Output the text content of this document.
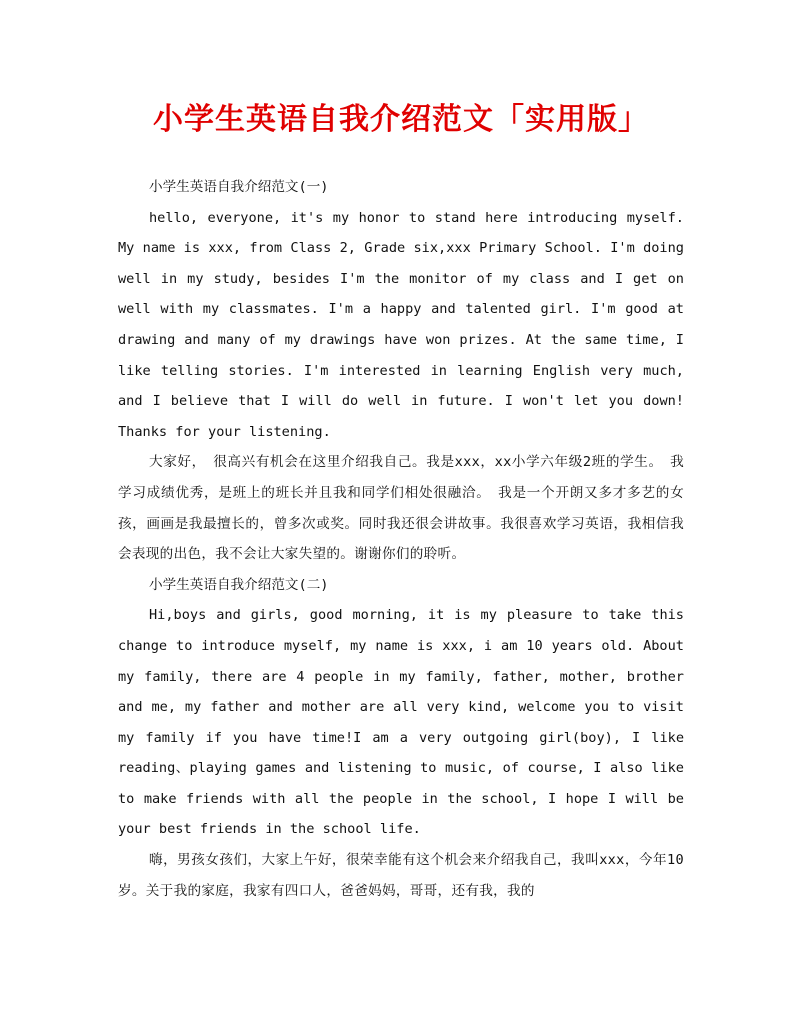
小学生英语自我介绍范文「实用版」

小学生英语自我介绍范文(一)

hello, everyone, it's my honor to stand here introducing myself. My name is xxx, from Class 2, Grade six,xxx Primary School. I'm doing well in my study, besides I'm the monitor of my class and I get on well with my classmates. I'm a happy and talented girl. I'm good at drawing and many of my drawings have won prizes. At the same time, I like telling stories. I'm interested in learning English very much, and I believe that I will do well in future. I won't let you down! Thanks for your listening.

大家好，　很高兴有机会在这里介绍我自己。我是xxx，xx小学六年级2班的学生。　我学习成绩优秀，是班上的班长并且我和同学们相处很融洽。　我是一个开朗又多才多艺的女孩，画画是我最擅长的，曾多次或奖。同时我还很会讲故事。我很喜欢学习英语，我相信我会表现的出色，我不会让大家失望的。谢谢你们的聆听。

小学生英语自我介绍范文(二)

Hi,boys and girls, good morning, it is my pleasure to take this change to introduce myself, my name is xxx, i am 10 years old. About my family, there are 4 people in my family, father, mother, brother and me, my father and mother are all very kind, welcome you to visit my family if you have time!I am a very outgoing girl(boy), I like reading、playing games and listening to music, of course, I also like to make friends with all the people in the school, I hope I will be your best friends in the school life.

嗨，男孩女孩们，大家上午好，很荣幸能有这个机会来介绍我自己，我叫xxx，今年10岁。关于我的家庭，我家有四口人，爸爸妈妈，哥哥，还有我，我的
